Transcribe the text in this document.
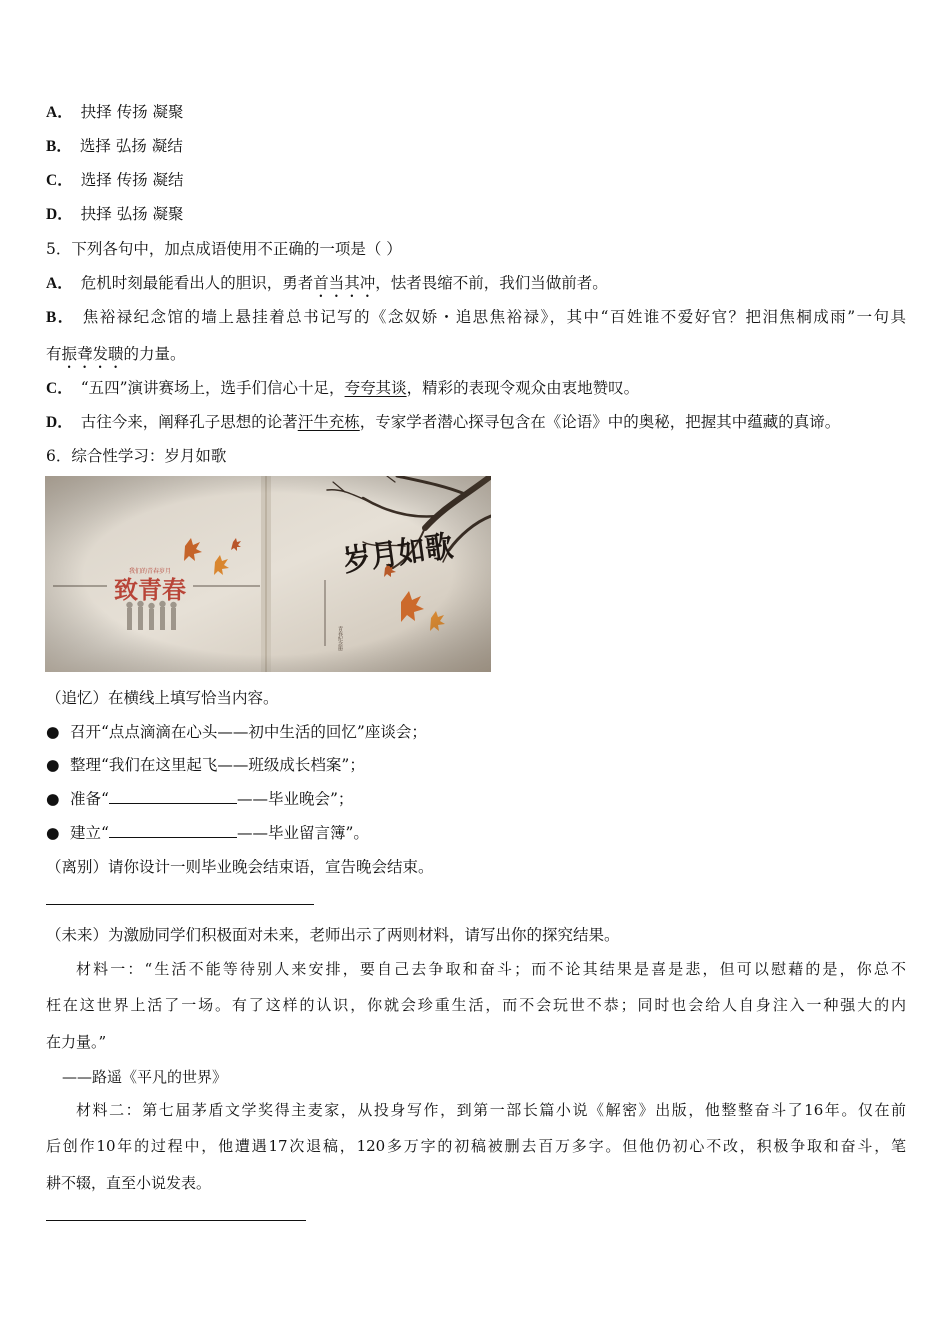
A． 抉择 传扬 凝聚
B． 选择 弘扬 凝结
C． 选择 传扬 凝结
D． 抉择 弘扬 凝聚
5．下列各句中，加点成语使用不正确的一项是（ ）
A． 危机时刻最能看出人的胆识，勇者首当其冲，怯者畏缩不前，我们当做前者。
B． 焦裕禄纪念馆的墙上悬挂着总书记写的《念奴娇・追思焦裕禄》，其中“百姓谁不爱好官？把泪焦桐成雨”一句具
有振聋发聩的力量。
C． “五四”演讲赛场上，选手们信心十足，夸夸其谈，精彩的表现令观众由衷地赞叹。
D． 古往今来，阐释孔子思想的论著汗牛充栋，专家学者潜心探寻包含在《论语》中的奥秘，把握其中蕴藏的真谛。
6．综合性学习：岁月如歌
我们的青春岁月
致青春
青春纪念册
岁月如歌
（追忆）在横线上填写恰当内容。
● 召开“点点滴滴在心头——初中生活的回忆”座谈会；
● 整理“我们在这里起飞——班级成长档案”；
● 准备“	——毕业晚会”；
● 建立“	——毕业留言簿”。
（离别）请你设计一则毕业晚会结束语，宣告晚会结束。
（未来）为激励同学们积极面对未来，老师出示了两则材料，请写出你的探究结果。
材料一：“生活不能等待别人来安排，要自己去争取和奋斗；而不论其结果是喜是悲，但可以慰藉的是，你总不
枉在这世界上活了一场。有了这样的认识，你就会珍重生活，而不会玩世不恭；同时也会给人自身注入一种强大的内
在力量。”
——路遥《平凡的世界》
材料二：第七届茅盾文学奖得主麦家，从投身写作，到第一部长篇小说《解密》出版，他整整奋斗了16年。仅在前
后创作10年的过程中，他遭遇17次退稿，120多万字的初稿被删去百万多字。但他仍初心不改，积极争取和奋斗，笔
耕不辍，直至小说发表。
